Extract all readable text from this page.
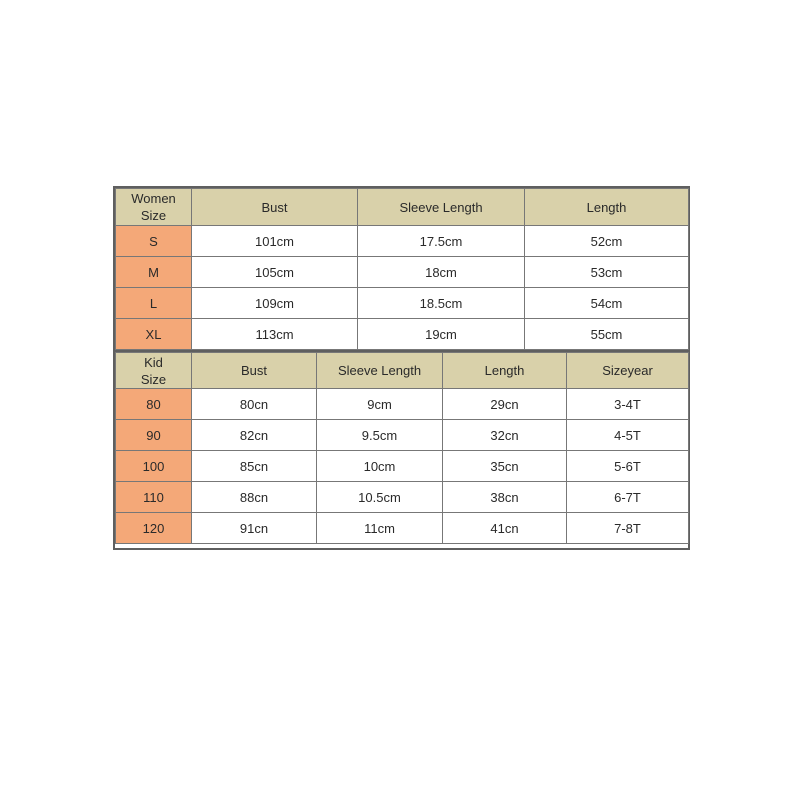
Women
Size	Bust	Sleeve Length	Length
S	101cm	17.5cm	52cm
M	105cm	18cm	53cm
L	109cm	18.5cm	54cm
XL	113cm	19cm	55cm
Kid
Size	Bust	Sleeve Length	Length	Sizeyear
80	80cn	9cm	29cn	3-4T
90	82cn	9.5cm	32cn	4-5T
100	85cn	10cm	35cn	5-6T
110	88cn	10.5cm	38cn	6-7T
120	91cn	11cm	41cn	7-8T
